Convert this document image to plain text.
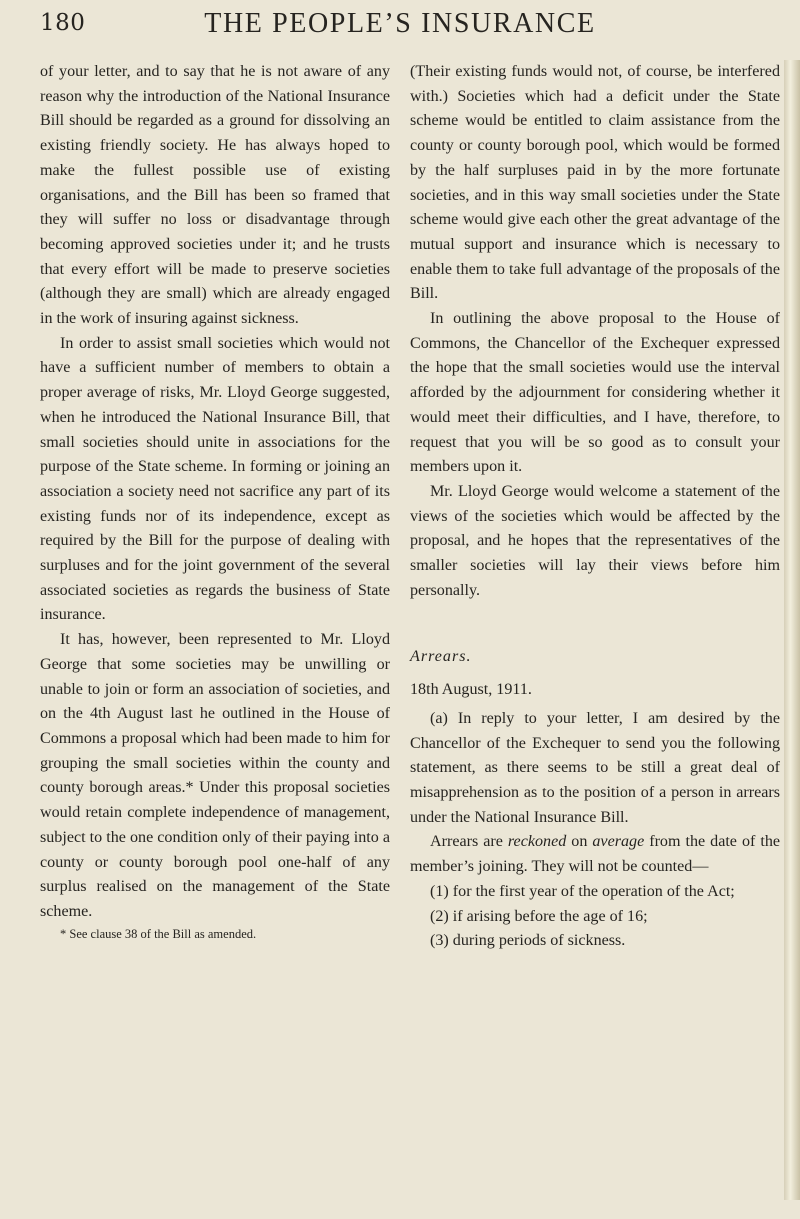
180	THE PEOPLE’S INSURANCE

of your letter, and to say that he is not aware of any reason why the introduction of the National Insurance Bill should be regarded as a ground for dissolving an existing friendly society. He has always hoped to make the fullest possible use of existing organisations, and the Bill has been so framed that they will suffer no loss or disadvantage through becoming approved societies under it; and he trusts that every effort will be made to preserve societies (although they are small) which are already engaged in the work of insuring against sickness.

In order to assist small societies which would not have a sufficient number of members to obtain a proper average of risks, Mr. Lloyd George suggested, when he introduced the National Insurance Bill, that small societies should unite in associations for the purpose of the State scheme. In forming or joining an association a society need not sacrifice any part of its existing funds nor of its independence, except as required by the Bill for the purpose of dealing with surpluses and for the joint government of the several associated societies as regards the business of State insurance.

It has, however, been represented to Mr. Lloyd George that some societies may be unwilling or unable to join or form an association of societies, and on the 4th August last he outlined in the House of Commons a proposal which had been made to him for grouping the small societies within the county and county borough areas.* Under this proposal societies would retain complete independence of management, subject to the one condition only of their paying into a county or county borough pool one-half of any surplus realised on the management of the State scheme.

* See clause 38 of the Bill as amended.

(Their existing funds would not, of course, be interfered with.) Societies which had a deficit under the State scheme would be entitled to claim assistance from the county or county borough pool, which would be formed by the half surpluses paid in by the more fortunate societies, and in this way small societies under the State scheme would give each other the great advantage of the mutual support and insurance which is necessary to enable them to take full advantage of the proposals of the Bill.

In outlining the above proposal to the House of Commons, the Chancellor of the Exchequer expressed the hope that the small societies would use the interval afforded by the adjournment for considering whether it would meet their difficulties, and I have, therefore, to request that you will be so good as to consult your members upon it.

Mr. Lloyd George would welcome a statement of the views of the societies which would be affected by the proposal, and he hopes that the representatives of the smaller societies will lay their views before him personally.

Arrears.

18th August, 1911.

(a) In reply to your letter, I am desired by the Chancellor of the Exchequer to send you the following statement, as there seems to be still a great deal of misapprehension as to the position of a person in arrears under the National Insurance Bill.

Arrears are reckoned on average from the date of the member’s joining. They will not be counted—

(1) for the first year of the operation of the Act;
(2) if arising before the age of 16;
(3) during periods of sickness.
